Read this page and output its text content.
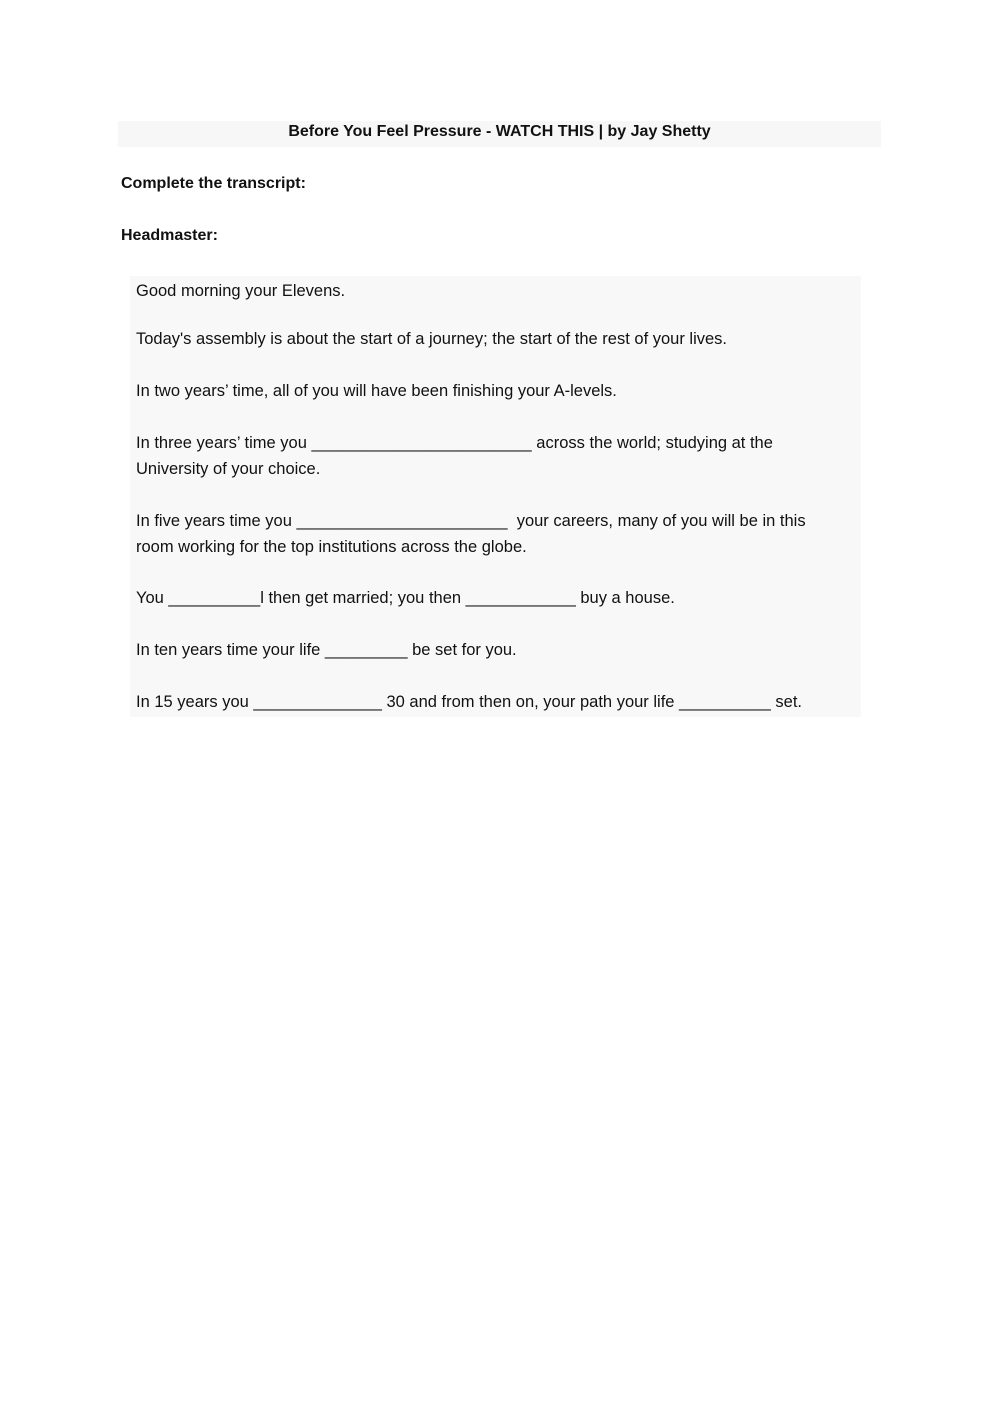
Before You Feel Pressure - WATCH THIS | by Jay Shetty
Complete the transcript:
Headmaster:
Good morning your Elevens.
Today's assembly is about the start of a journey; the start of the rest of your lives.
In two years’ time, all of you will have been finishing your A-levels.
In three years’ time you ________________________ across the world; studying at the
University of your choice.
In five years time you _______________________  your careers, many of you will be in this
room working for the top institutions across the globe.
You __________l then get married; you then ____________ buy a house.
In ten years time your life _________ be set for you.
In 15 years you ______________ 30 and from then on, your path your life __________ set.
